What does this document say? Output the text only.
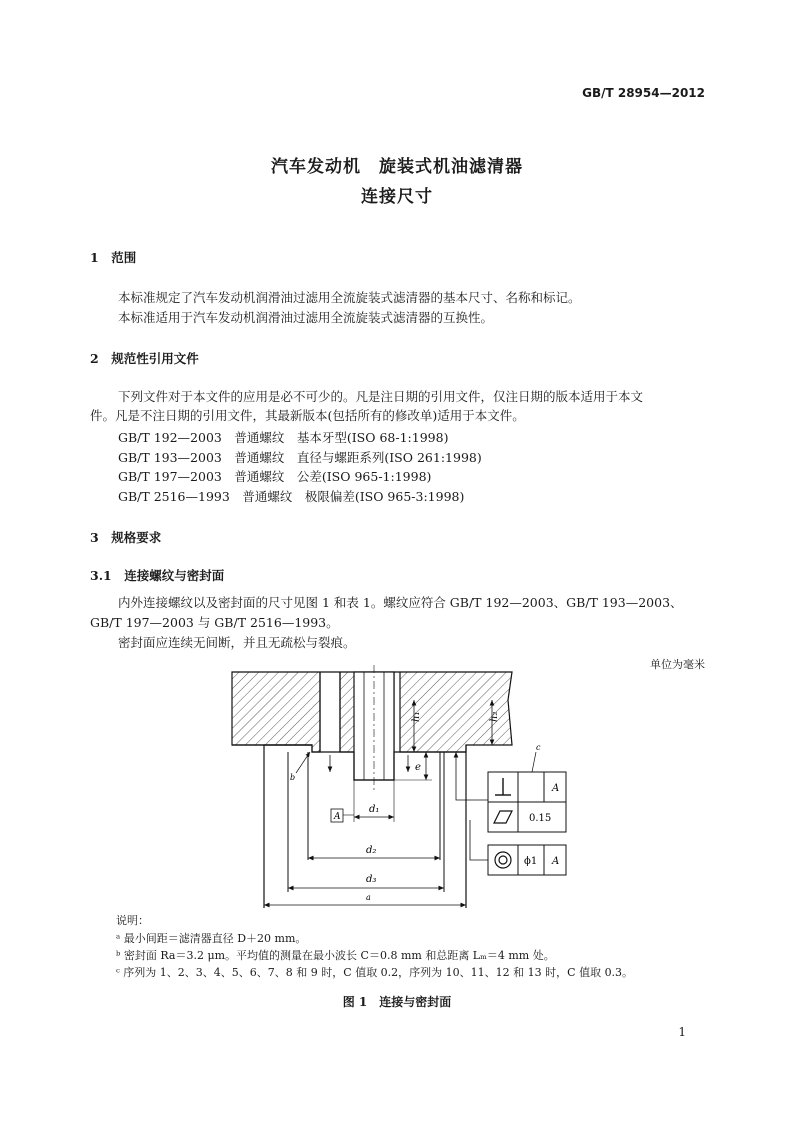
GB/T 28954—2012
汽车发动机　旋装式机油滤清器
连接尺寸
1　范围
本标准规定了汽车发动机润滑油过滤用全流旋装式滤清器的基本尺寸、名称和标记。
本标准适用于汽车发动机润滑油过滤用全流旋装式滤清器的互换性。
2　规范性引用文件
下列文件对于本文件的应用是必不可少的。凡是注日期的引用文件，仅注日期的版本适用于本文
件。凡是不注日期的引用文件，其最新版本(包括所有的修改单)适用于本文件。
GB/T 192—2003　普通螺纹　基本牙型(ISO 68-1:1998)
GB/T 193—2003　普通螺纹　直径与螺距系列(ISO 261:1998)
GB/T 197—2003　普通螺纹　公差(ISO 965-1:1998)
GB/T 2516—1993　普通螺纹　极限偏差(ISO 965-3:1998)
3　规格要求
3.1　连接螺纹与密封面
内外连接螺纹以及密封面的尺寸见图 1 和表 1。螺纹应符合 GB/T 192—2003、GB/T 193—2003、
GB/T 197—2003 与 GB/T 2516—1993。
密封面应连续无间断，并且无疏松与裂痕。
单位为毫米
h₁	h₂
e
d₁
A
d₂
d₃
a
b
c
A
0.15
ϕ1 A
说明：
ᵃ 最小间距＝滤清器直径 D＋20 mm。
ᵇ 密封面 Ra＝3.2 μm。平均值的测量在最小波长 C＝0.8 mm 和总距离 Lₘ＝4 mm 处。
ᶜ 序列为 1、2、3、4、5、6、7、8 和 9 时，C 值取 0.2，序列为 10、11、12 和 13 时，C 值取 0.3。
图 1　连接与密封面
1
